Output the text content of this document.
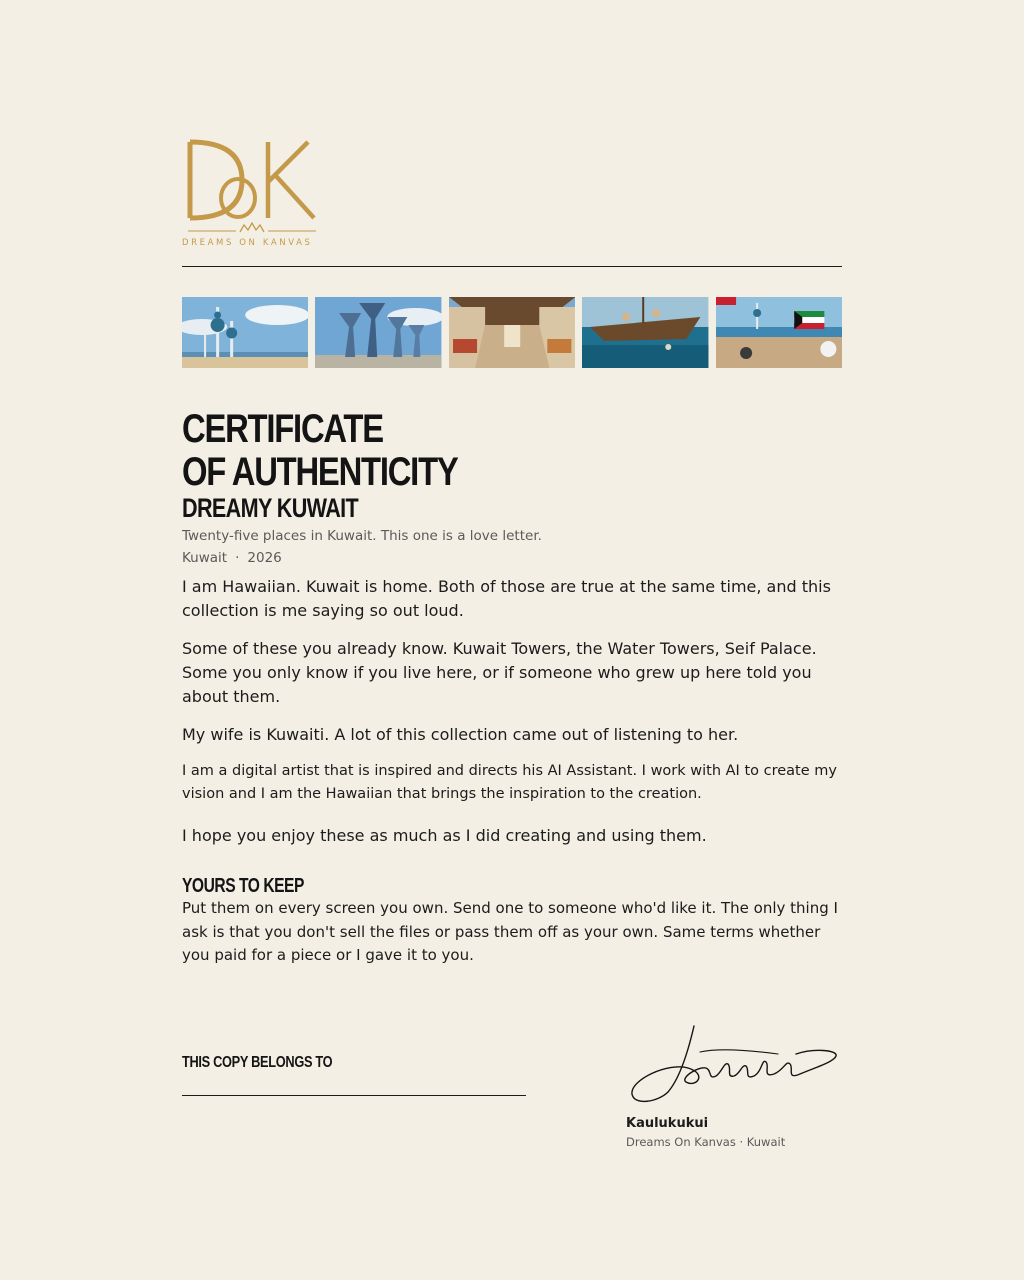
DREAMS ON KANVAS
CERTIFICATE
OF AUTHENTICITY
DREAMY KUWAIT
Twenty-five places in Kuwait. This one is a love letter.
Kuwait · 2026

I am Hawaiian. Kuwait is home. Both of those are true at the same time, and this collection is me saying so out loud.

Some of these you already know. Kuwait Towers, the Water Towers, Seif Palace. Some you only know if you live here, or if someone who grew up here told you about them.

My wife is Kuwaiti. A lot of this collection came out of listening to her.

I am a digital artist that is inspired and directs his AI Assistant. I work with AI to create my vision and I am the Hawaiian that brings the inspiration to the creation.

I hope you enjoy these as much as I did creating and using them.

YOURS TO KEEP

Put them on every screen you own. Send one to someone who'd like it. The only thing I ask is that you don't sell the files or pass them off as your own. Same terms whether you paid for a piece or I gave it to you.

THIS COPY BELONGS TO
Kaulukukui
Dreams On Kanvas · Kuwait
